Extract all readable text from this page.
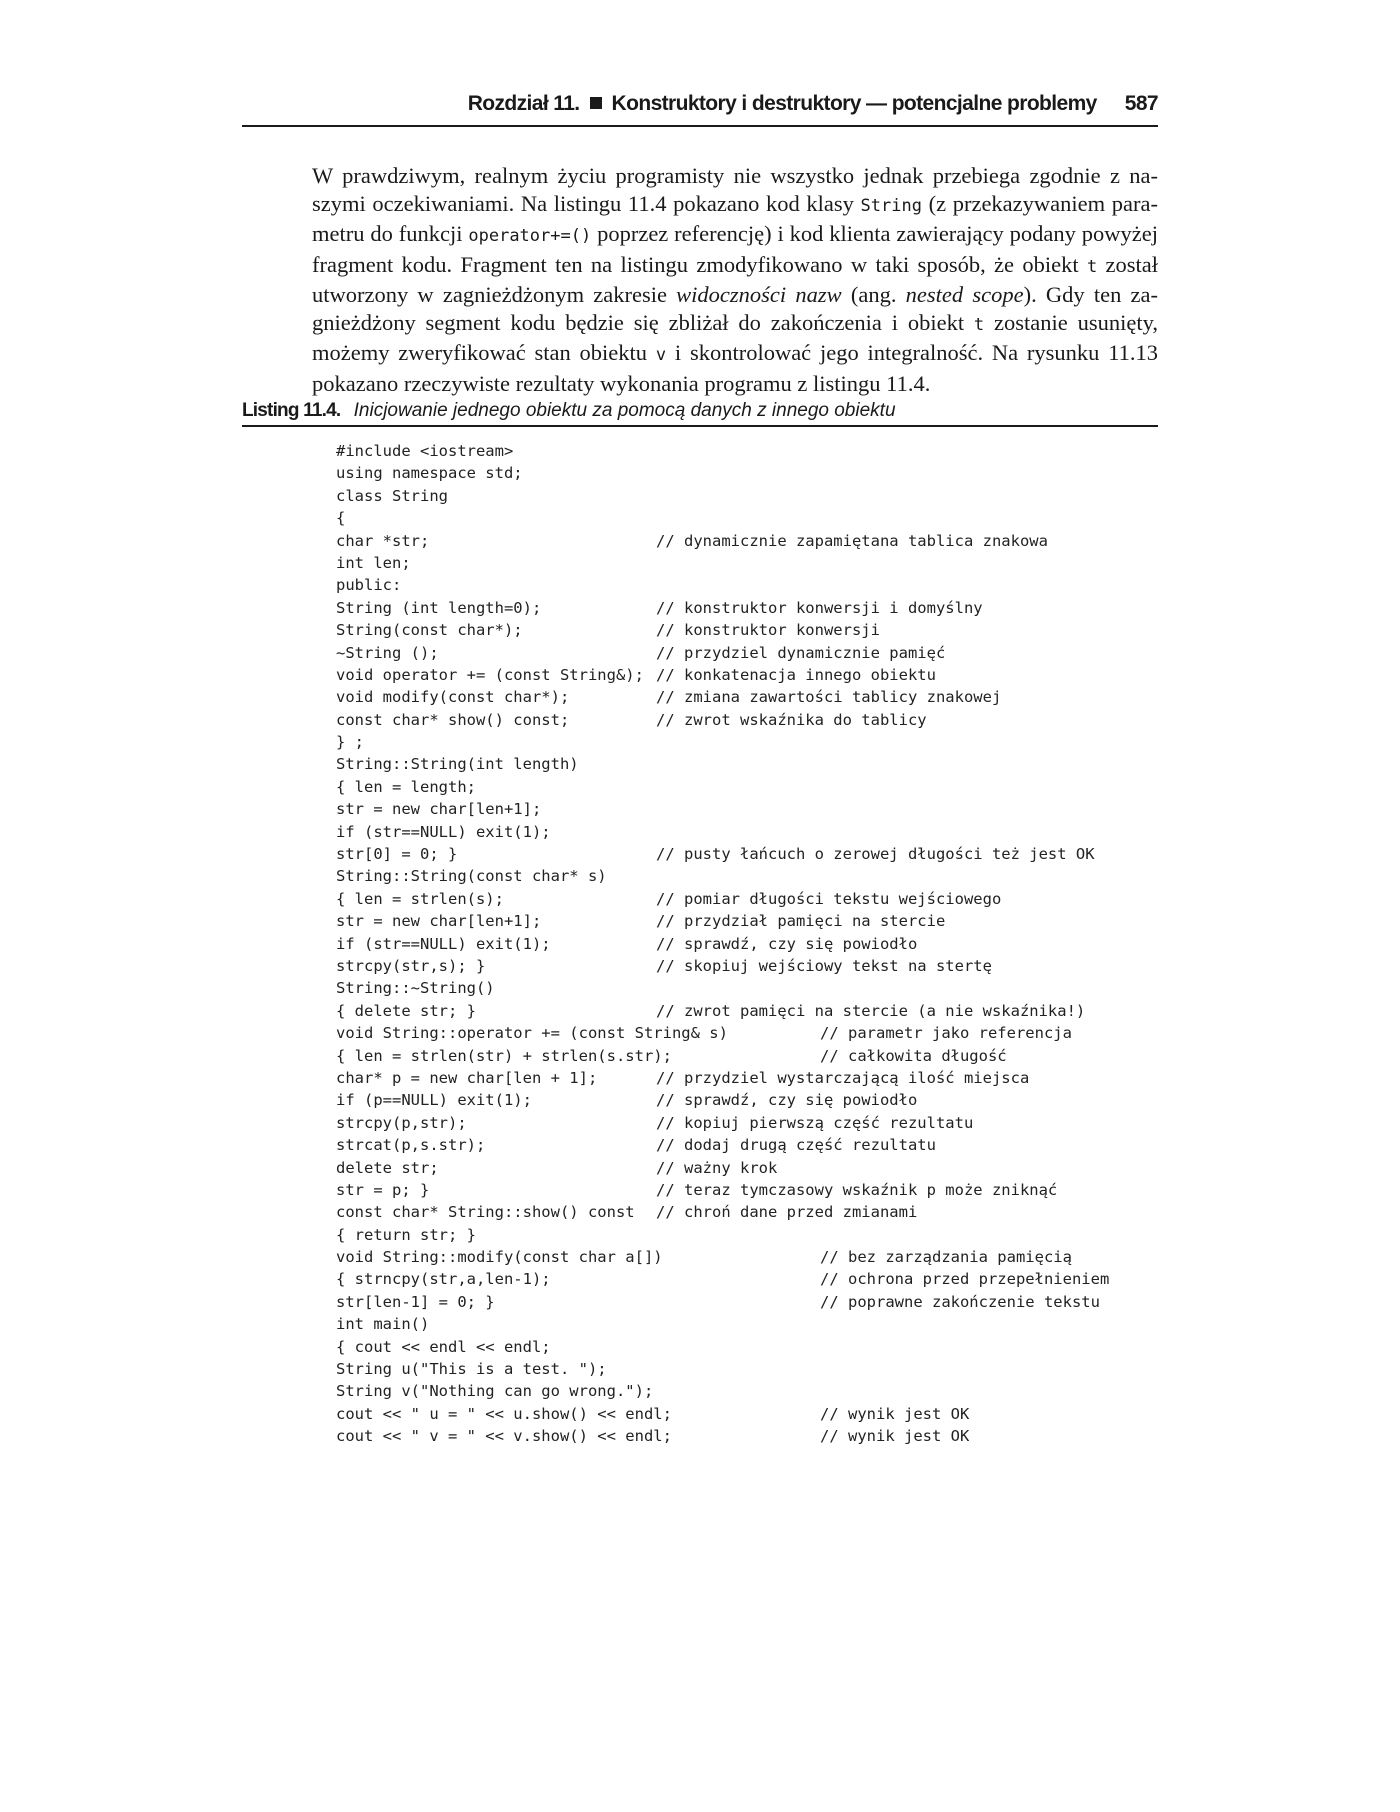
Rozdział 11. Konstruktory i destruktory — potencjalne problemy 587
W prawdziwym, realnym życiu programisty nie wszystko jednak przebiega zgodnie z naszymi oczekiwaniami. Na listingu 11.4 pokazano kod klasy String (z przekazywaniem parametru do funkcji operator+=() poprzez referencję) i kod klienta zawierający podany powyżej fragment kodu. Fragment ten na listingu zmodyfikowano w taki sposób, że obiekt t został utworzony w zagnieżdżonym zakresie widoczności nazw (ang. nested scope). Gdy ten zagnieżdżony segment kodu będzie się zbliżał do zakończenia i obiekt t zostanie usunięty, możemy zweryfikować stan obiektu v i skontrolować jego integralność. Na rysunku 11.13 pokazano rzeczywiste rezultaty wykonania programu z listingu 11.4.
Listing 11.4. Inicjowanie jednego obiektu za pomocą danych z innego obiektu
#include <iostream>
using namespace std;
class String
{
char *str;	// dynamicznie zapamiętana tablica znakowa
int len;
public:
String (int length=0);	// konstruktor konwersji i domyślny
String(const char*);	// konstruktor konwersji
~String ();	// przydziel dynamicznie pamięć
void operator += (const String&); // konkatenacja innego obiektu
void modify(const char*);	// zmiana zawartości tablicy znakowej
const char* show() const;	// zwrot wskaźnika do tablicy
} ;
String::String(int length)
{ len = length;
str = new char[len+1];
if (str==NULL) exit(1);
str[0] = 0; }	// pusty łańcuch o zerowej długości też jest OK
String::String(const char* s)
{ len = strlen(s);	// pomiar długości tekstu wejściowego
str = new char[len+1];	// przydział pamięci na stercie
if (str==NULL) exit(1);	// sprawdź, czy się powiodło
strcpy(str,s); }	// skopiuj wejściowy tekst na stertę
String::~String()
{ delete str; }	// zwrot pamięci na stercie (a nie wskaźnika!)
void String::operator += (const String& s)	// parametr jako referencja
{ len = strlen(str) + strlen(s.str);	// całkowita długość
char* p = new char[len + 1];	// przydziel wystarczającą ilość miejsca
if (p==NULL) exit(1);	// sprawdź, czy się powiodło
strcpy(p,str);	// kopiuj pierwszą część rezultatu
strcat(p,s.str);	// dodaj drugą część rezultatu
delete str;	// ważny krok
str = p; }	// teraz tymczasowy wskaźnik p może zniknąć
const char* String::show() const // chroń dane przed zmianami
{ return str; }
void String::modify(const char a[])	// bez zarządzania pamięcią
{ strncpy(str,a,len-1);	// ochrona przed przepełnieniem
str[len-1] = 0; }	// poprawne zakończenie tekstu
int main()
{ cout << endl << endl;
String u("This is a test. ");
String v("Nothing can go wrong.");
cout << " u = " << u.show() << endl;	// wynik jest OK
cout << " v = " << v.show() << endl;	// wynik jest OK
